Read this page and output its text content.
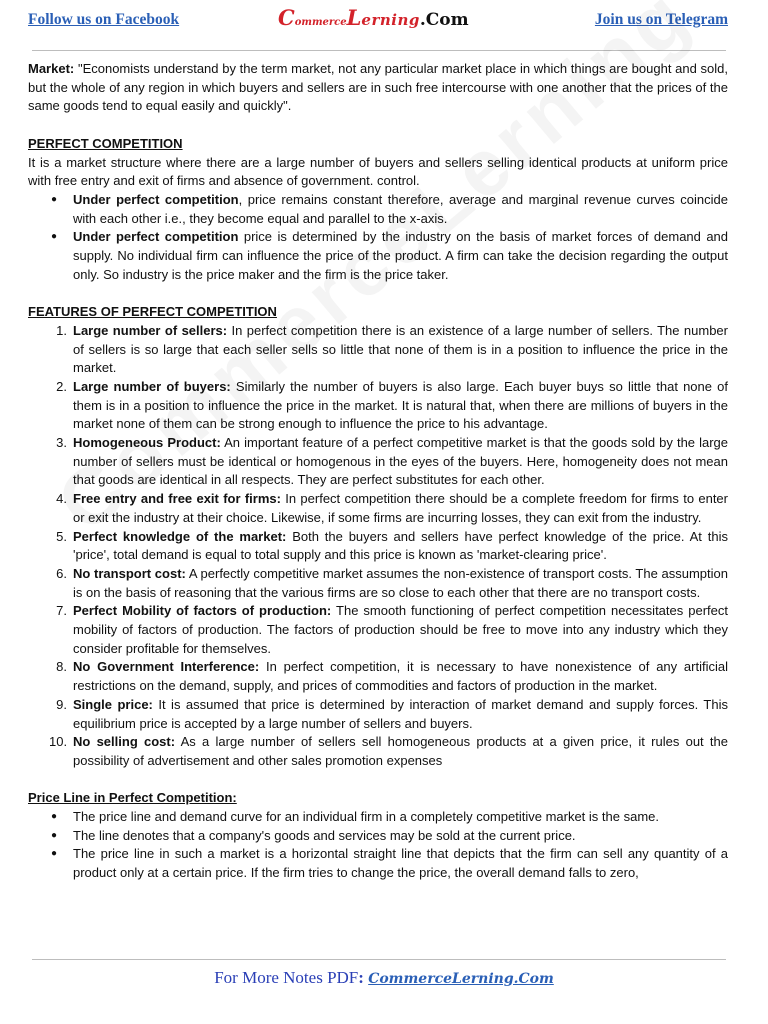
Follow us on Facebook	CommerceLerning.Com	Join us on Telegram

Market: "Economists understand by the term market, not any particular market place in which things are bought and sold, but the whole of any region in which buyers and sellers are in such free intercourse with one another that the prices of the same goods tend to equal easily and quickly".

PERFECT COMPETITION

It is a market structure where there are a large number of buyers and sellers selling identical products at uniform price with free entry and exit of firms and absence of government. control.

● Under perfect competition, price remains constant therefore, average and marginal revenue curves coincide with each other i.e., they become equal and parallel to the x-axis.
● Under perfect competition price is determined by the industry on the basis of market forces of demand and supply. No individual firm can influence the price of the product. A firm can take the decision regarding the output only. So industry is the price maker and the firm is the price taker.

FEATURES OF PERFECT COMPETITION

1. Large number of sellers: In perfect competition there is an existence of a large number of sellers. The number of sellers is so large that each seller sells so little that none of them is in a position to influence the price in the market.
2. Large number of buyers: Similarly the number of buyers is also large. Each buyer buys so little that none of them is in a position to influence the price in the market. It is natural that, when there are millions of buyers in the market none of them can be strong enough to influence the price to his advantage.
3. Homogeneous Product: An important feature of a perfect competitive market is that the goods sold by the large number of sellers must be identical or homogenous in the eyes of the buyers. Here, homogeneity does not mean that goods are identical in all respects. They are perfect substitutes for each other.
4. Free entry and free exit for firms: In perfect competition there should be a complete freedom for firms to enter or exit the industry at their choice. Likewise, if some firms are incurring losses, they can exit from the industry.
5. Perfect knowledge of the market: Both the buyers and sellers have perfect knowledge of the price. At this 'price', total demand is equal to total supply and this price is known as 'market-clearing price'.
6. No transport cost: A perfectly competitive market assumes the non-existence of transport costs. The assumption is on the basis of reasoning that the various firms are so close to each other that there are no transport costs.
7. Perfect Mobility of factors of production: The smooth functioning of perfect competition necessitates perfect mobility of factors of production. The factors of production should be free to move into any industry which they consider profitable for themselves.
8. No Government Interference: In perfect competition, it is necessary to have nonexistence of any artificial restrictions on the demand, supply, and prices of commodities and factors of production in the market.
9. Single price: It is assumed that price is determined by interaction of market demand and supply forces. This equilibrium price is accepted by a large number of sellers and buyers.
10. No selling cost: As a large number of sellers sell homogeneous products at a given price, it rules out the possibility of advertisement and other sales promotion expenses

Price Line in Perfect Competition:

● The price line and demand curve for an individual firm in a completely competitive market is the same.
● The line denotes that a company's goods and services may be sold at the current price.
● The price line in such a market is a horizontal straight line that depicts that the firm can sell any quantity of a product only at a certain price. If the firm tries to change the price, the overall demand falls to zero,
For More Notes PDF: CommerceLerning.Com
